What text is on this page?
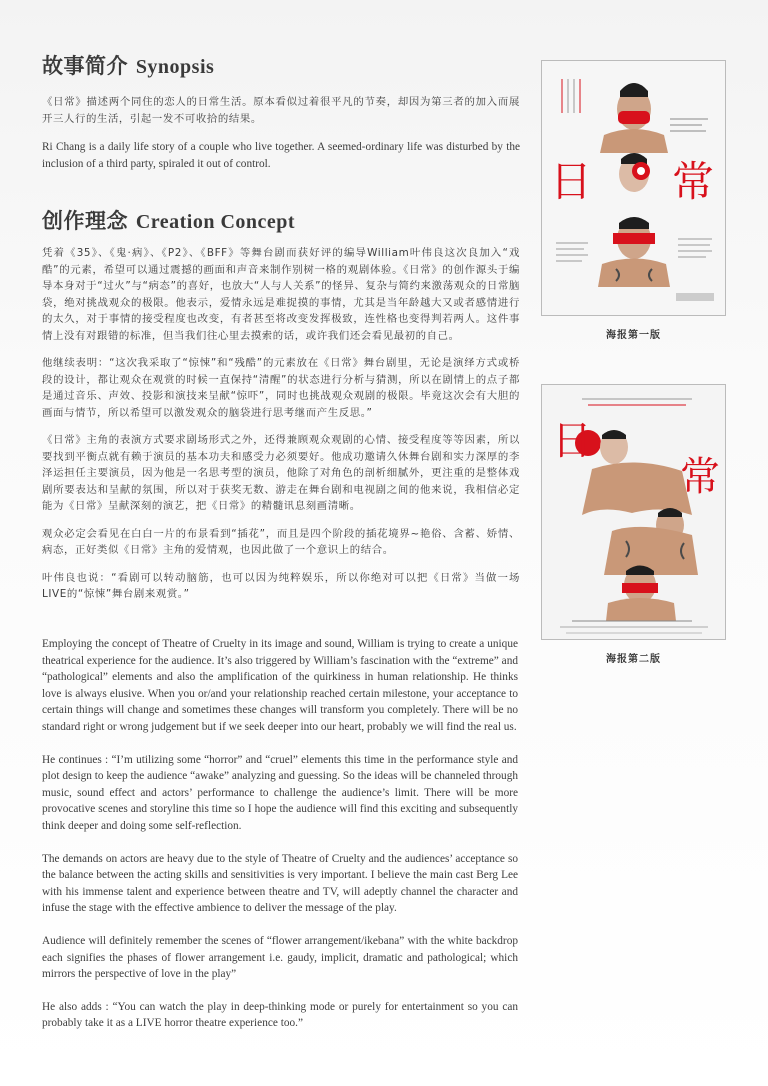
故事简介 Synopsis

《日常》描述两个同住的恋人的日常生活。原本看似过着很平凡的节奏，却因为第三者的加入而展开三人行的生活，引起一发不可收拾的结果。

Ri Chang is a daily life story of a couple who live together. A seemed-ordinary life was disturbed by the inclusion of a third party, spiraled it out of control.

创作理念 Creation Concept

凭着《35》、《鬼·病》、《P2》、《BFF》等舞台剧而获好评的编导William叶伟良这次良加入“戏酷”的元素，希望可以通过震撼的画面和声音来制作别树一格的观剧体验。《日常》的创作源头于编导本身对于“过火”与“病态”的喜好，也放大“人与人关系”的怪异、复杂与简约来激荡观众的日常脑袋，绝对挑战观众的极限。他表示，爱情永远是难捉摸的事情，尤其是当年龄越大又或者感情进行的太久，对于事情的接受程度也改变，有者甚至将改变发挥极致，连性格也变得判若两人。这件事情上没有对跟错的标准，但当我们往心里去摸索的话，或许我们还会看见最初的自己。

他继续表明：“这次我采取了“惊悚”和“残酷”的元素放在《日常》舞台剧里，无论是演绎方式或桥段的设计，都让观众在观赏的时候一直保持“清醒”的状态进行分析与猜测，所以在剧情上的点子都是通过音乐、声效、投影和演技来呈献“惊吓”，同时也挑战观众观剧的极限。毕竟这次会有大胆的画面与情节，所以希望可以激发观众的脑袋进行思考继而产生反思。”

《日常》主角的表演方式要求剧场形式之外，还得兼顾观众观剧的心情、接受程度等等因素，所以要找到平衡点就有赖于演员的基本功夫和感受力必须要好。他成功邀请久休舞台剧和实力深厚的李泽运担任主要演员，因为他是一名思考型的演员，他除了对角色的剖析细腻外，更注重的是整体戏剧所要表达和呈献的氛围，所以对于获奖无数、游走在舞台剧和电视剧之间的他来说，我相信必定能为《日常》呈献深刻的演艺，把《日常》的精髓讯息刻画清晰。

观众必定会看见在白白一片的布景看到“插花”，而且是四个阶段的插花境界~艳俗、含蓄、娇情、病态，正好类似《日常》主角的爱情观，也因此做了一个意识上的结合。

叶伟良也说：“看剧可以转动脑筋，也可以因为纯粹娱乐，所以你绝对可以把《日常》当做一场LIVE的“惊悚”舞台剧来观赏。”

Employing the concept of Theatre of Cruelty in its image and sound, William is trying to create a unique theatrical experience for the audience. It’s also triggered by William’s fascination with the “extreme” and “pathological” elements and also the amplification of the quirkiness in human relationship. He thinks love is always elusive. When you or/and your relationship reached certain milestone, your acceptance to certain things will change and sometimes these changes will transform you completely. There will be no standard right or wrong judgement but if we seek deeper into our heart, probably we will find the real us.

He continues : “I’m utilizing some “horror” and “cruel” elements this time in the performance style and plot design to keep the audience “awake” analyzing and guessing. So the ideas will be channeled through music, sound effect and actors’ performance to challenge the audience’s limit. There will be more provocative scenes and storyline this time so I hope the audience will find this exciting and subsequently think deeper and doing some self-reflection.

The demands on actors are heavy due to the style of Theatre of Cruelty and the audiences’ acceptance so the balance between the acting skills and sensitivities is very important. I believe the main cast Berg Lee with his immense talent and experience between theatre and TV, will adeptly channel the character and infuse the stage with the effective ambience to deliver the message of the play.

Audience will definitely remember the scenes of “flower arrangement/ikebana” with the white backdrop each signifies the phases of flower arrangement i.e. gaudy, implicit, dramatic and pathological; which mirrors the perspective of love in the play”

He also adds : “You can watch the play in deep-thinking mode or purely for entertainment so you can probably take it as a LIVE horror theatre experience too.”

日 常
海报第一版
日
常
海报第二版
